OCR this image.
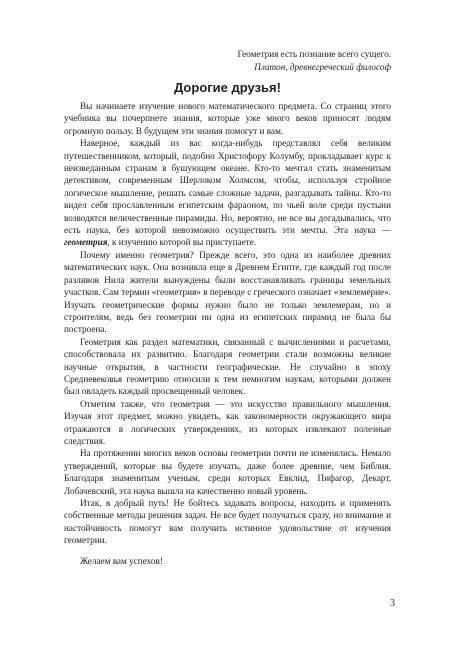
Геометрия есть познание всего сущего.
Платон, древнегреческий философ
Дорогие друзья!

Вы начинаете изучение нового математического предмета. Со страниц этого учебника вы почерпнете знания, которые уже много веков приносят людям огромную пользу. В будущем эти знания помогут и вам.

Наверное, каждый из вас когда-нибудь представлял себя великим путешественником, который, подобно Христофору Колумбу, прокладывает курс к неизведанным странам в бушующем океане. Кто-то мечтал стать знаменитым детективом, современным Шерлоком Холмсом, чтобы, используя стройное логическое мышление, решать самые сложные задачи, разгадывать тайны. Кто-то видел себя прославленным египетским фараоном, по чьей воле среди пустыни возводятся величественные пирамиды. Но, вероятно, не все вы догадывались, что есть наука, без которой невозможно осуществить эти мечты. Эта наука — геометрия, к изучению которой вы приступаете.

Почему именно геометрия? Прежде всего, это одна из наиболее древних математических наук. Она возникла еще в Древнем Египте, где каждый год после разливов Нила жители вынуждены были восстанавливать границы земельных участков. Сам термин «геометрия» в переводе с греческого означает «землемерие». Изучать геометрические формы нужно было не только землемерам, но и строителям, ведь без геометрии ни одна из египетских пирамид не была бы построена.

Геометрия как раздел математики, связанный с вычислениями и расчетами, способствовала их развитию. Благодаря геометрии стали возможны великие научные открытия, в частности географические. Не случайно в эпоху Средневековья геометрию относили к тем немногим наукам, которыми должен был овладеть каждый просвещенный человек.

Отметим также, что геометрия — это искусство правильного мышления. Изучая этот предмет, можно увидеть, как закономерности окружающего мира отражаются в логических утверждениях, из которых извлекают полезные следствия.

На протяжении многих веков основы геометрии почти не изменялись. Немало утверждений, которые вы будете изучать, даже более древние, чем Библия. Благодаря знаменитым ученым, среди которых Евклид, Пифагор, Декарт, Лобачевский, эта наука вышла на качественно новый уровень.

Итак, в добрый путь! Не бойтесь задавать вопросы, находить и применять собственные методы решения задач. Не все будет получаться сразу, но внимание и настойчивость помогут вам получить истинное удовольствие от изучения геометрии.

Желаем вам успехов!

3
